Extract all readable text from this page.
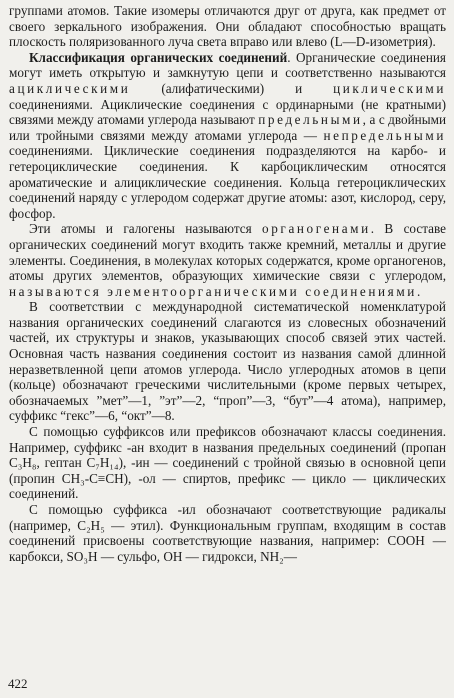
группами атомов. Такие изомеры отличаются друг от друга, как предмет от своего зеркального изображения. Они обладают способностью вращать плоскость поляризованного луча света вправо или влево (L—D-изометрия).

Классификация органических соединений. Органические соединения могут иметь открытую и замкнутую цепи и соответственно называются ациклическими (алифатическими) и циклическими соединениями. Ациклические соединения с ординарными (не кратными) связями между атомами углерода называют предельными, а с двойными или тройными связями между атомами углерода — непредельными соединениями. Циклические соединения подразделяются на карбо- и гетероциклические соединения. К карбоциклическим относятся ароматические и алициклические соединения. Кольца гетероциклических соединений наряду с углеродом содержат другие атомы: азот, кислород, серу, фосфор.

Эти атомы и галогены называются органогенами. В составе органических соединений могут входить также кремний, металлы и другие элементы. Соединения, в молекулах которых содержатся, кроме органогенов, атомы других элементов, образующих химические связи с углеродом, называются элементоорганическими соединениями.

В соответствии с международной систематической номенклатурой названия органических соединений слагаются из словесных обозначений частей, их структуры и знаков, указывающих способ связей этих частей. Основная часть названия соединения состоит из названия самой длинной неразветвленной цепи атомов углерода. Число углеродных атомов в цепи (кольце) обозначают греческими числительными (кроме первых четырех, обозначаемых ”мет”—1, ”эт”—2, “проп”—3, “бут”—4 атома), например, суффикс “гекс”—6, “окт”—8.

С помощью суффиксов или префиксов обозначают классы соединения. Например, суффикс -ан входит в названия предельных соединений (пропан C₃H₈, гептан C₇H₁₄), -ин — соединений с тройной связью в основной цепи (пропин CH₃-C≡CH), -ол — спиртов, префикс — цикло — циклических соединений.

С помощью суффикса -ил обозначают соответствующие радикалы (например, C₂H₅ — этил). Функциональным группам, входящим в состав соединений присвоены соответствующие названия, например: COOH — карбокси, SO₃H — сульфо, OH — гидрокси, NH₂—

422
